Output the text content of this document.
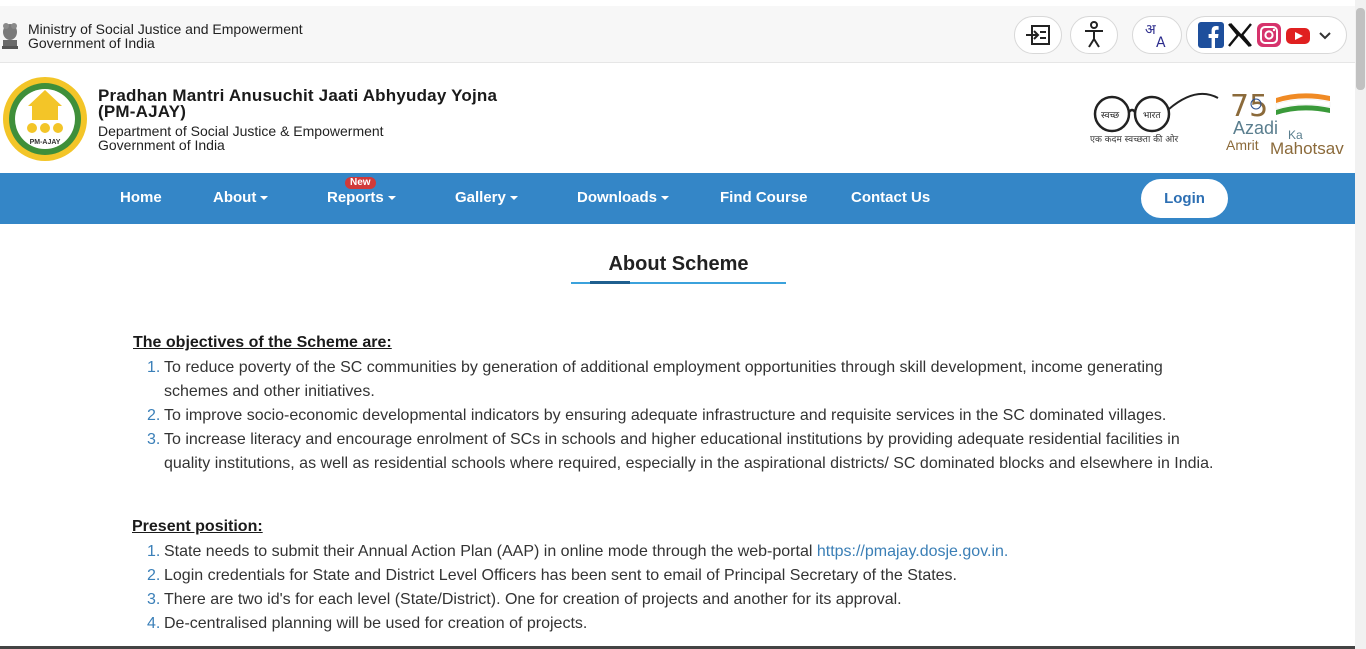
Ministry of Social Justice and Empowerment
Government of India
अ
A
PM-AJAY
Pradhan Mantri Anusuchit Jaati Abhyuday Yojna (PM-AJAY)
Department of Social Justice & Empowerment
Government of India
स्वच्छ	भारत
एक कदम स्वच्छता की ओर
75
Azadi Ka
Amrit Mahotsav
Home	About
New
Reports	Gallery	Downloads	Find Course	Contact Us	Login
About Scheme
The objectives of the Scheme are:
1. To reduce poverty of the SC communities by generation of additional employment opportunities through skill development, income generating
schemes and other initiatives.
2. To improve socio-economic developmental indicators by ensuring adequate infrastructure and requisite services in the SC dominated villages.
3. To increase literacy and encourage enrolment of SCs in schools and higher educational institutions by providing adequate residential facilities in
quality institutions, as well as residential schools where required, especially in the aspirational districts/ SC dominated blocks and elsewhere in India.
Present position:
1. State needs to submit their Annual Action Plan (AAP) in online mode through the web-portal https://pmajay.dosje.gov.in.
2. Login credentials for State and District Level Officers has been sent to email of Principal Secretary of the States.
3. There are two id's for each level (State/District). One for creation of projects and another for its approval.
4. De-centralised planning will be used for creation of projects.
